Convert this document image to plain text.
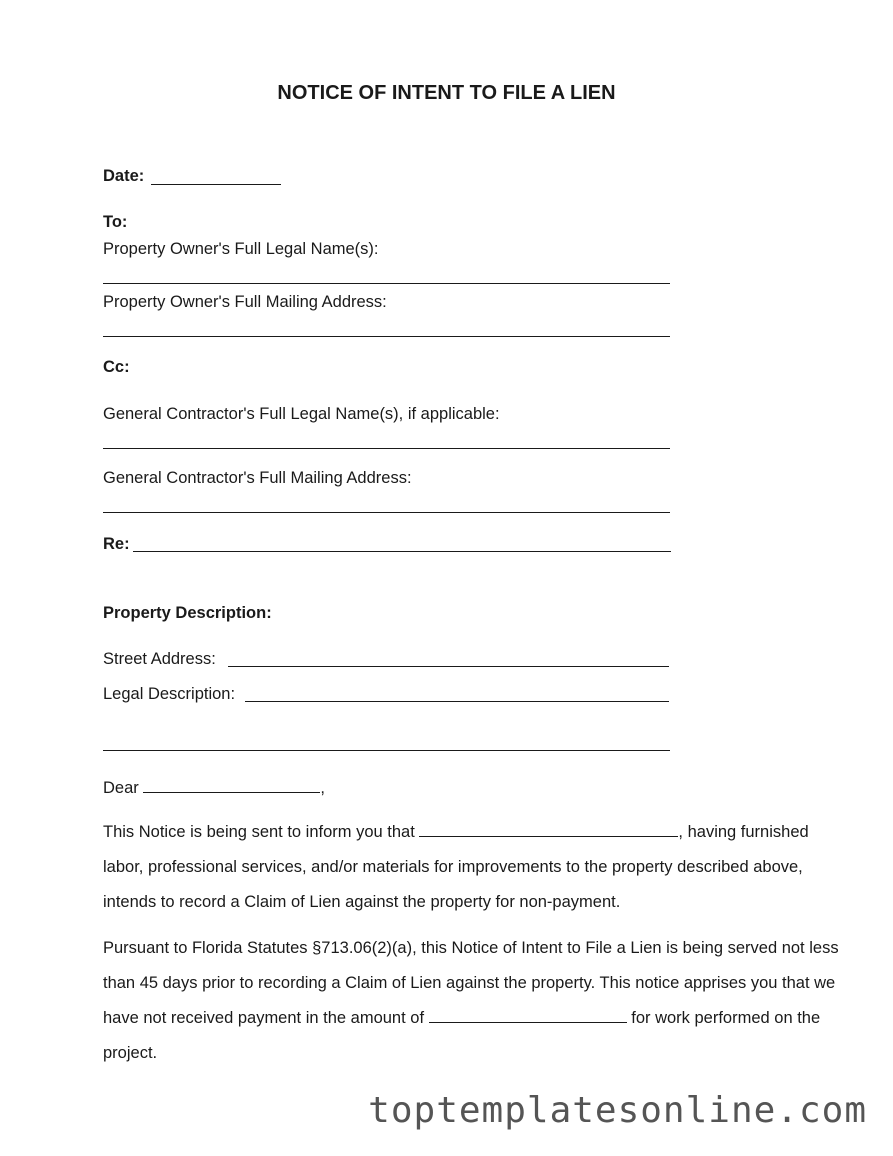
NOTICE OF INTENT TO FILE A LIEN
Date:
To:
Property Owner's Full Legal Name(s):
Property Owner's Full Mailing Address:
Cc:
General Contractor's Full Legal Name(s), if applicable:
General Contractor's Full Mailing Address:
Re:
Property Description:
Street Address:
Legal Description:
Dear	,
This Notice is being sent to inform you that	, having furnished labor, professional services, and/or materials for improvements to the property described above, intends to record a Claim of Lien against the property for non-payment.
Pursuant to Florida Statutes §713.06(2)(a), this Notice of Intent to File a Lien is being served not less than 45 days prior to recording a Claim of Lien against the property. This notice apprises you that we have not received payment in the amount of	for work performed on the project.
toptemplatesonline.com
